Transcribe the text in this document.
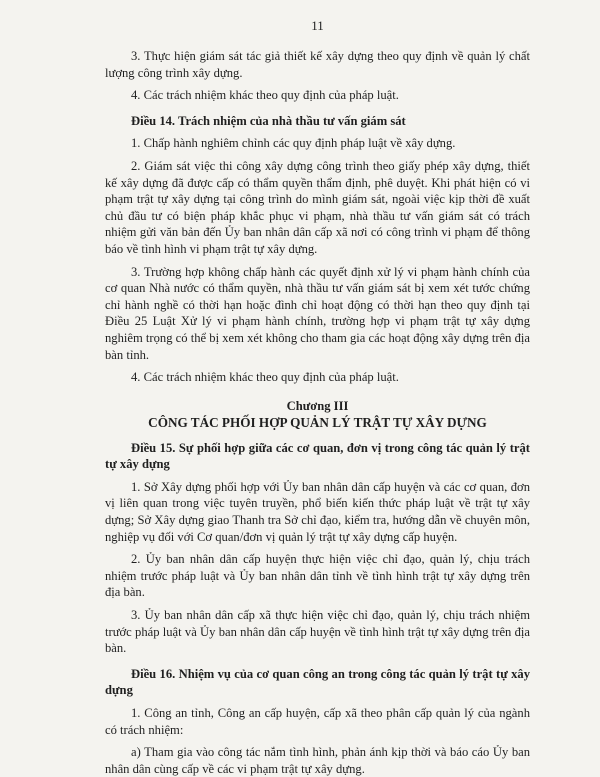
11

3. Thực hiện giám sát tác giả thiết kế xây dựng theo quy định về quản lý chất lượng công trình xây dựng.

4. Các trách nhiệm khác theo quy định của pháp luật.

Điều 14. Trách nhiệm của nhà thầu tư vấn giám sát

1. Chấp hành nghiêm chỉnh các quy định pháp luật về xây dựng.

2. Giám sát việc thi công xây dựng công trình theo giấy phép xây dựng, thiết kế xây dựng đã được cấp có thẩm quyền thẩm định, phê duyệt. Khi phát hiện có vi phạm trật tự xây dựng tại công trình do mình giám sát, ngoài việc kịp thời đề xuất chủ đầu tư có biện pháp khắc phục vi phạm, nhà thầu tư vấn giám sát có trách nhiệm gửi văn bản đến Ủy ban nhân dân cấp xã nơi có công trình vi phạm để thông báo về tình hình vi phạm trật tự xây dựng.

3. Trường hợp không chấp hành các quyết định xử lý vi phạm hành chính của cơ quan Nhà nước có thẩm quyền, nhà thầu tư vấn giám sát bị xem xét tước chứng chỉ hành nghề có thời hạn hoặc đình chỉ hoạt động có thời hạn theo quy định tại Điều 25 Luật Xử lý vi phạm hành chính, trường hợp vi phạm trật tự xây dựng nghiêm trọng có thể bị xem xét không cho tham gia các hoạt động xây dựng trên địa bàn tỉnh.

4. Các trách nhiệm khác theo quy định của pháp luật.

Chương III
CÔNG TÁC PHỐI HỢP QUẢN LÝ TRẬT TỰ XÂY DỰNG
Điều 15. Sự phối hợp giữa các cơ quan, đơn vị trong công tác quản lý trật tự xây dựng

1. Sở Xây dựng phối hợp với Ủy ban nhân dân cấp huyện và các cơ quan, đơn vị liên quan trong việc tuyên truyền, phổ biến kiến thức pháp luật về trật tự xây dựng; Sở Xây dựng giao Thanh tra Sở chỉ đạo, kiểm tra, hướng dẫn về chuyên môn, nghiệp vụ đối với Cơ quan/đơn vị quản lý trật tự xây dựng cấp huyện.

2. Ủy ban nhân dân cấp huyện thực hiện việc chỉ đạo, quản lý, chịu trách nhiệm trước pháp luật và Ủy ban nhân dân tỉnh về tình hình trật tự xây dựng trên địa bàn.

3. Ủy ban nhân dân cấp xã thực hiện việc chỉ đạo, quản lý, chịu trách nhiệm trước pháp luật và Ủy ban nhân dân cấp huyện về tình hình trật tự xây dựng trên địa bàn.

Điều 16. Nhiệm vụ của cơ quan công an trong công tác quản lý trật tự xây dựng

1. Công an tỉnh, Công an cấp huyện, cấp xã theo phân cấp quản lý của ngành có trách nhiệm:

a) Tham gia vào công tác nắm tình hình, phản ánh kịp thời và báo cáo Ủy ban nhân dân cùng cấp về các vi phạm trật tự xây dựng.
